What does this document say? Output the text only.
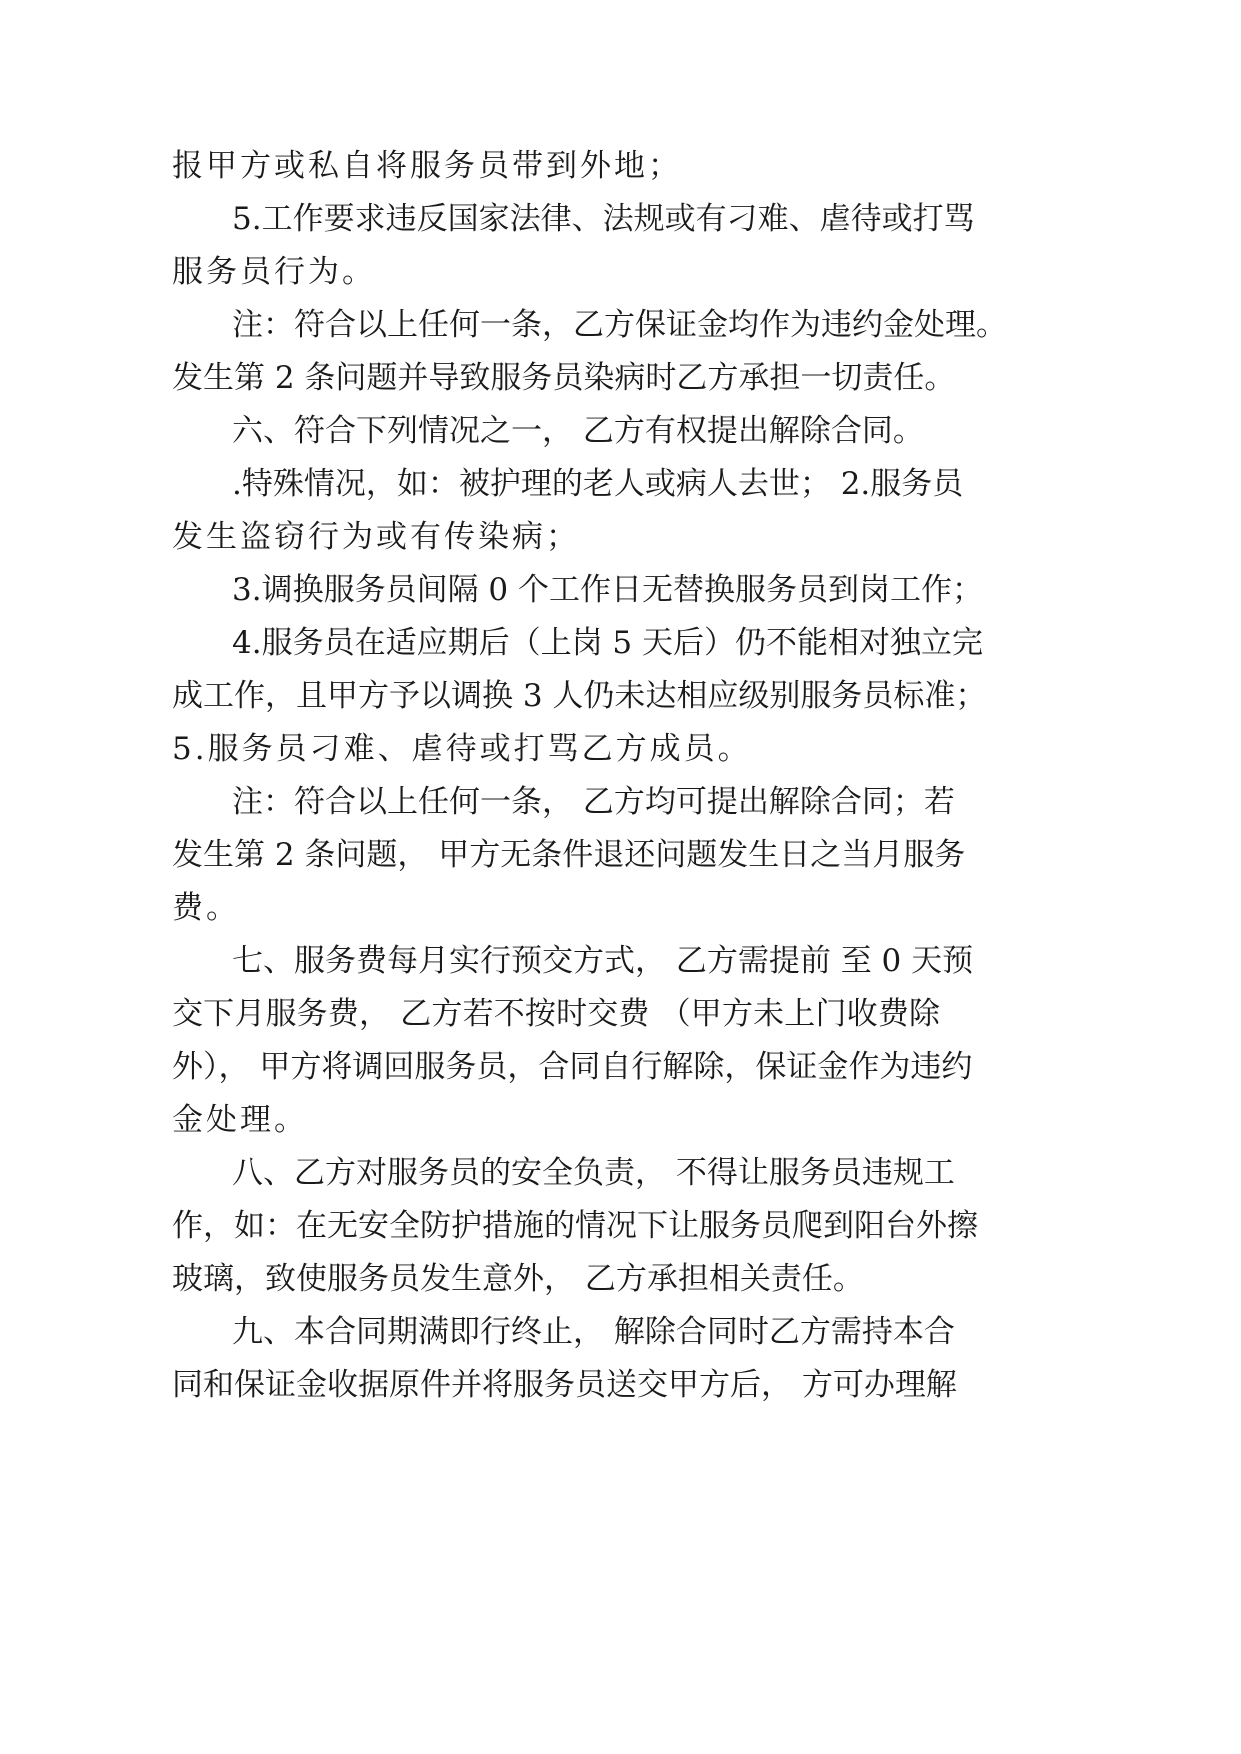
报甲方或私自将服务员带到外地；

5.工作要求违反国家法律、法规或有刁难、虐待或打骂

服务员行为。

注：符合以上任何一条，乙方保证金均作为违约金处理。

发生第 2 条问题并导致服务员染病时乙方承担一切责任。

六、符合下列情况之一， 乙方有权提出解除合同。

.特殊情况，如：被护理的老人或病人去世； 2.服务员

发生盗窃行为或有传染病；

3.调换服务员间隔 0 个工作日无替换服务员到岗工作；

4.服务员在适应期后（上岗 5 天后）仍不能相对独立完

成工作，且甲方予以调换 3 人仍未达相应级别服务员标准；

5.服务员刁难、虐待或打骂乙方成员。

注：符合以上任何一条， 乙方均可提出解除合同；若

发生第 2 条问题， 甲方无条件退还问题发生日之当月服务

费。

七、服务费每月实行预交方式， 乙方需提前 至 0 天预

交下月服务费， 乙方若不按时交费 （甲方未上门收费除

外）， 甲方将调回服务员，合同自行解除，保证金作为违约

金处理。

八、乙方对服务员的安全负责， 不得让服务员违规工

作，如：在无安全防护措施的情况下让服务员爬到阳台外擦

玻璃，致使服务员发生意外， 乙方承担相关责任。

九、本合同期满即行终止， 解除合同时乙方需持本合

同和保证金收据原件并将服务员送交甲方后， 方可办理解
